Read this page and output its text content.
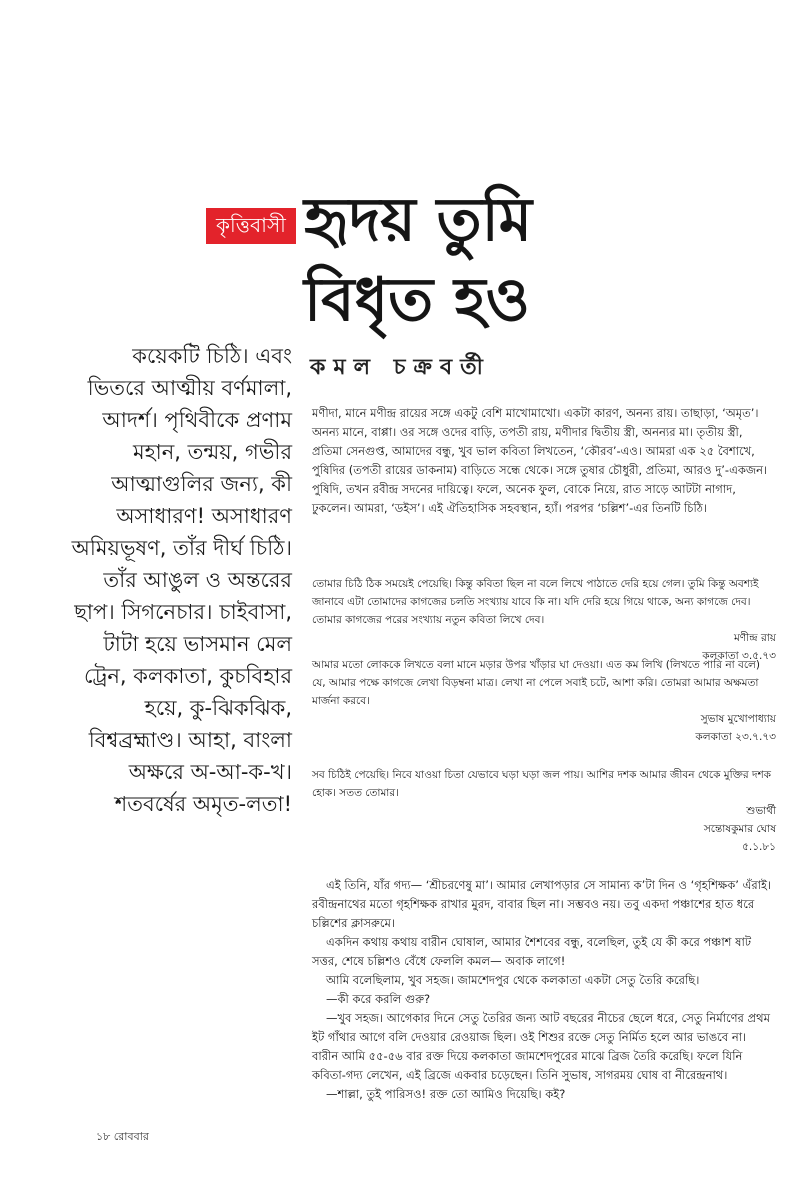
কৃত্তিবাসী হৃদয় তুমি
বিধৃত হও
কমল চক্রবর্তী

কয়েকটি চিঠি। এবং ভিতরে আত্মীয় বর্ণমালা, আদর্শ। পৃথিবীকে প্রণাম মহান, তন্ময়, গভীর আত্মাগুলির জন্য, কী অসাধারণ! অসাধারণ অমিয়ভূষণ, তাঁর দীর্ঘ চিঠি। তাঁর আঙুল ও অন্তরের ছাপ। সিগনেচার। চাইবাসা, টাটা হয়ে ভাসমান মেল ট্রেন, কলকাতা, কুচবিহার হয়ে, কু-ঝিকঝিক, বিশ্বব্রহ্মাণ্ড। আহা, বাংলা অক্ষরে অ-আ-ক-খ। শতবর্ষের অমৃত-লতা!

মণীদা, মানে মণীন্দ্র রায়ের সঙ্গে একটু বেশি মাখোমাখো। একটা কারণ, অনন্য রায়। তাছাড়া, ‘অমৃত’। অনন্য মানে, বাপ্পা। ওর সঙ্গে ওদের বাড়ি, তপতী রায়, মণীদার দ্বিতীয় স্ত্রী, অনন্যর মা। তৃতীয় স্ত্রী, প্রতিমা সেনগুপ্ত, আমাদের বন্ধু, খুব ভাল কবিতা লিখতেন, ‘কৌরব’-এও। আমরা এক ২৫ বৈশাখে, পুষিদির (তপতী রায়ের ডাকনাম) বাড়িতে সন্ধে থেকে। সঙ্গে তুষার চৌধুরী, প্রতিমা, আরও দু’-একজন। পুষিদি, তখন রবীন্দ্র সদনের দায়িত্বে। ফলে, অনেক ফুল, বোকে নিয়ে, রাত সাড়ে আটটা নাগাদ, ঢুকলেন। আমরা, ‘ডইস’। এই ঐতিহাসিক সহবস্থান, হ্যাঁ। পরপর ‘চল্লিশ’-এর তিনটি চিঠি।

তোমার চিঠি ঠিক সময়েই পেয়েছি। কিন্তু কবিতা ছিল না বলে লিখে পাঠাতে দেরি হয়ে গেল। তুমি কিন্তু অবশ্যই জানাবে এটা তোমাদের কাগজের চলতি সংখ্যায় যাবে কি না। যদি দেরি হয়ে গিয়ে থাকে, অন্য কাগজে দেব। তোমার কাগজের পরের সংখ্যায় নতুন কবিতা লিখে দেব।

মণীন্দ্র রায়
কলকাতা ৩.৫.৭৩

আমার মতো লোককে লিখতে বলা মানে মড়ার উপর খাঁড়ার ঘা দেওয়া। এত কম লিখি (লিখতে পারি না বলে) যে, আমার পক্ষে কাগজে লেখা বিড়ম্বনা মাত্র। লেখা না পেলে সবাই চটে, আশা করি। তোমরা আমার অক্ষমতা মার্জনা করবে।

সুভাষ মুখোপাধ্যায়
কলকাতা ২৩.৭.৭৩

সব চিঠিই পেয়েছি। নিবে যাওয়া চিতা যেভাবে ঘড়া ঘড়া জল পায়। আশির দশক আমার জীবন থেকে মুক্তির দশক হোক। সতত তোমার।

শুভার্থী
সন্তোষকুমার ঘোষ
৫.১.৮১

এই তিনি, যাঁর গদ্য— ‘শ্রীচরণেষু মা’। আমার লেখাপড়ার সে সামান্য ক’টা দিন ও ‘গৃহশিক্ষক’ এঁরাই। রবীন্দ্রনাথের মতো গৃহশিক্ষক রাখার মুরদ, বাবার ছিল না। সম্ভবও নয়। তবু একদা পঞ্চাশের হাত ধরে চল্লিশের ক্লাসরুমে।

একদিন কথায় কথায় বারীন ঘোষাল, আমার শৈশবের বন্ধু, বলেছিল, তুই যে কী করে পঞ্চাশ ষাট সত্তর, শেষে চল্লিশও বেঁধে ফেললি কমল— অবাক লাগে!

আমি বলেছিলাম, খুব সহজ। জামশেদপুর থেকে কলকাতা একটা সেতু তৈরি করেছি।

—কী করে করলি গুরু?

—খুব সহজ। আগেকার দিনে সেতু তৈরির জন্য আট বছরের নীচের ছেলে ধরে, সেতু নির্মাণের প্রথম ইট গাঁথার আগে বলি দেওয়ার রেওয়াজ ছিল। ওই শিশুর রক্তে সেতু নির্মিত হলে আর ভাঙবে না। বারীন আমি ৫৫-৫৬ বার রক্ত দিয়ে কলকাতা জামশেদপুরের মাঝে ব্রিজ তৈরি করেছি। ফলে যিনি কবিতা-গদ্য লেখেন, এই ব্রিজে একবার চড়েছেন। তিনি সুভাষ, সাগরময় ঘোষ বা নীরেন্দ্রনাথ।

—শাল্লা, তুই পারিসও! রক্ত তো আমিও দিয়েছি। কই?

১৮ রোববার
